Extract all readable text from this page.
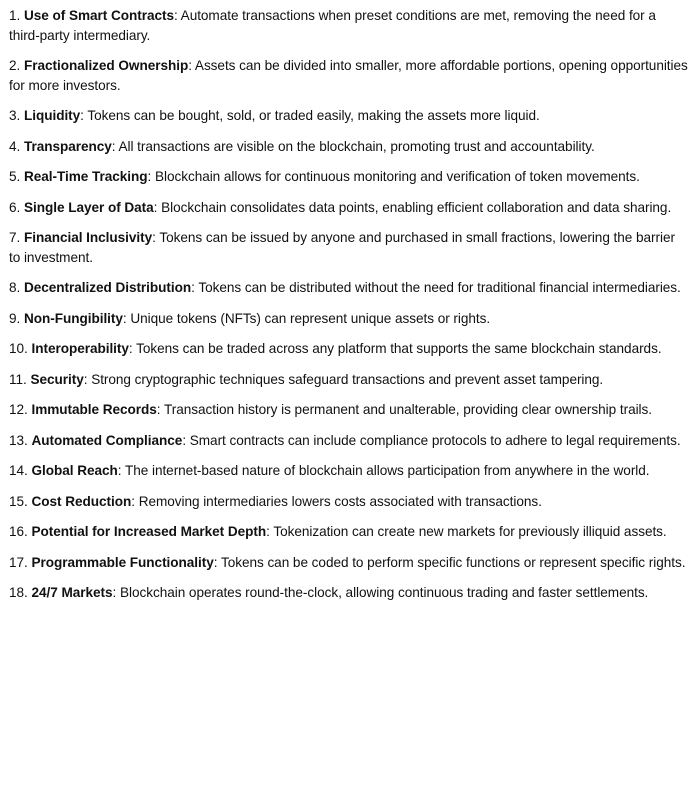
1. Use of Smart Contracts: Automate transactions when preset conditions are met, removing the need for a third-party intermediary.
2. Fractionalized Ownership: Assets can be divided into smaller, more affordable portions, opening opportunities for more investors.
3. Liquidity: Tokens can be bought, sold, or traded easily, making the assets more liquid.
4. Transparency: All transactions are visible on the blockchain, promoting trust and accountability.
5. Real-Time Tracking: Blockchain allows for continuous monitoring and verification of token movements.
6. Single Layer of Data: Blockchain consolidates data points, enabling efficient collaboration and data sharing.
7. Financial Inclusivity: Tokens can be issued by anyone and purchased in small fractions, lowering the barrier to investment.
8. Decentralized Distribution: Tokens can be distributed without the need for traditional financial intermediaries.
9. Non-Fungibility: Unique tokens (NFTs) can represent unique assets or rights.
10. Interoperability: Tokens can be traded across any platform that supports the same blockchain standards.
11. Security: Strong cryptographic techniques safeguard transactions and prevent asset tampering.
12. Immutable Records: Transaction history is permanent and unalterable, providing clear ownership trails.
13. Automated Compliance: Smart contracts can include compliance protocols to adhere to legal requirements.
14. Global Reach: The internet-based nature of blockchain allows participation from anywhere in the world.
15. Cost Reduction: Removing intermediaries lowers costs associated with transactions.
16. Potential for Increased Market Depth: Tokenization can create new markets for previously illiquid assets.
17. Programmable Functionality: Tokens can be coded to perform specific functions or represent specific rights.
18. 24/7 Markets: Blockchain operates round-the-clock, allowing continuous trading and faster settlements.
